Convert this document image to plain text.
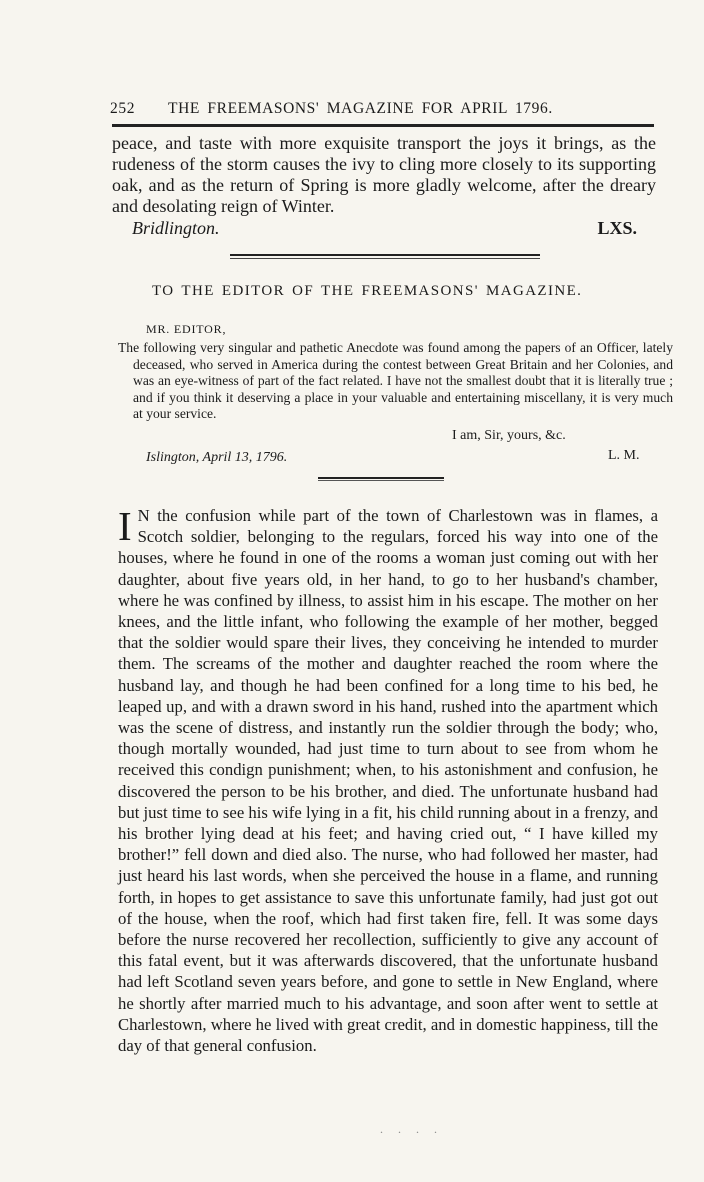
252 THE FREEMASONS' MAGAZINE FOR APRIL 1796.

peace, and taste with more exquisite transport the joys it brings, as the rudeness of the storm causes the ivy to cling more closely to its supporting oak, and as the return of Spring is more gladly welcome, after the dreary and desolating reign of Winter.

Bridlington.	LXS.
TO THE EDITOR OF THE FREEMASONS' MAGAZINE.
MR. EDITOR,
The following very singular and pathetic Anecdote was found among the papers of an Officer, lately deceased, who served in America during the contest between Great Britain and her Colonies, and was an eye-witness of part of the fact related. I have not the smallest doubt that it is literally true ; and if you think it deserving a place in your valuable and entertaining miscellany, it is very much at your service.
I am, Sir, yours, &c.
Islington, April 13, 1796.	L. M.
I N the confusion while part of the town of Charlestown was in flames, a Scotch soldier, belonging to the regulars, forced his way into one of the houses, where he found in one of the rooms a woman just coming out with her daughter, about five years old, in her hand, to go to her husband's chamber, where he was confined by illness, to assist him in his escape. The mother on her knees, and the little infant, who following the example of her mother, begged that the soldier would spare their lives, they conceiving he intended to murder them. The screams of the mother and daughter reached the room where the husband lay, and though he had been confined for a long time to his bed, he leaped up, and with a drawn sword in his hand, rushed into the apartment which was the scene of distress, and instantly run the soldier through the body; who, though mortally wounded, had just time to turn about to see from whom he received this condign punishment; when, to his astonishment and confusion, he discovered the person to be his brother, and died. The unfortunate husband had but just time to see his wife lying in a fit, his child running about in a frenzy, and his brother lying dead at his feet; and having cried out, “ I have killed my brother!” fell down and died also. The nurse, who had followed her master, had just heard his last words, when she perceived the house in a flame, and running forth, in hopes to get assistance to save this unfortunate family, had just got out of the house, when the roof, which had first taken fire, fell. It was some days before the nurse recovered her recollection, sufficiently to give any account of this fatal event, but it was afterwards discovered, that the unfortunate husband had left Scotland seven years before, and gone to settle in New England, where he shortly after married much to his advantage, and soon after went to settle at Charlestown, where he lived with great credit, and in domestic happiness, till the day of that general confusion.
. . . .
